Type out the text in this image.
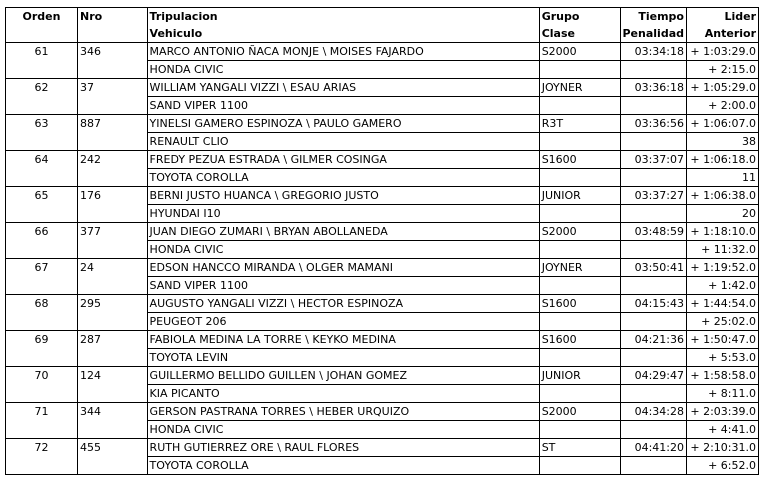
Orden	Nro	Tripulacion	Grupo	Tiempo	Lider
		Vehiculo	Clase	Penalidad	Anterior
61	346	MARCO ANTONIO ÑACA MONJE \ MOISES FAJARDO	S2000	03:34:18	+ 1:03:29.0
		HONDA CIVIC			+ 2:15.0
62	37	WILLIAM YANGALI VIZZI \ ESAU ARIAS	JOYNER	03:36:18	+ 1:05:29.0
		SAND VIPER 1100			+ 2:00.0
63	887	YINELSI GAMERO ESPINOZA \ PAULO GAMERO	R3T	03:36:56	+ 1:06:07.0
		RENAULT CLIO			38
64	242	FREDY PEZUA ESTRADA \ GILMER COSINGA	S1600	03:37:07	+ 1:06:18.0
		TOYOTA COROLLA			11
65	176	BERNI JUSTO HUANCA \ GREGORIO JUSTO	JUNIOR	03:37:27	+ 1:06:38.0
		HYUNDAI I10			20
66	377	JUAN DIEGO ZUMARI \ BRYAN ABOLLANEDA	S2000	03:48:59	+ 1:18:10.0
		HONDA CIVIC			+ 11:32.0
67	24	EDSON HANCCO MIRANDA \ OLGER MAMANI	JOYNER	03:50:41	+ 1:19:52.0
		SAND VIPER 1100			+ 1:42.0
68	295	AUGUSTO YANGALI VIZZI \ HECTOR ESPINOZA	S1600	04:15:43	+ 1:44:54.0
		PEUGEOT 206			+ 25:02.0
69	287	FABIOLA MEDINA LA TORRE \ KEYKO MEDINA	S1600	04:21:36	+ 1:50:47.0
		TOYOTA LEVIN			+ 5:53.0
70	124	GUILLERMO BELLIDO GUILLEN \ JOHAN GOMEZ	JUNIOR	04:29:47	+ 1:58:58.0
		KIA PICANTO			+ 8:11.0
71	344	GERSON PASTRANA TORRES \ HEBER URQUIZO	S2000	04:34:28	+ 2:03:39.0
		HONDA CIVIC			+ 4:41.0
72	455	RUTH GUTIERREZ ORE \ RAUL FLORES	ST	04:41:20	+ 2:10:31.0
		TOYOTA COROLLA			+ 6:52.0
